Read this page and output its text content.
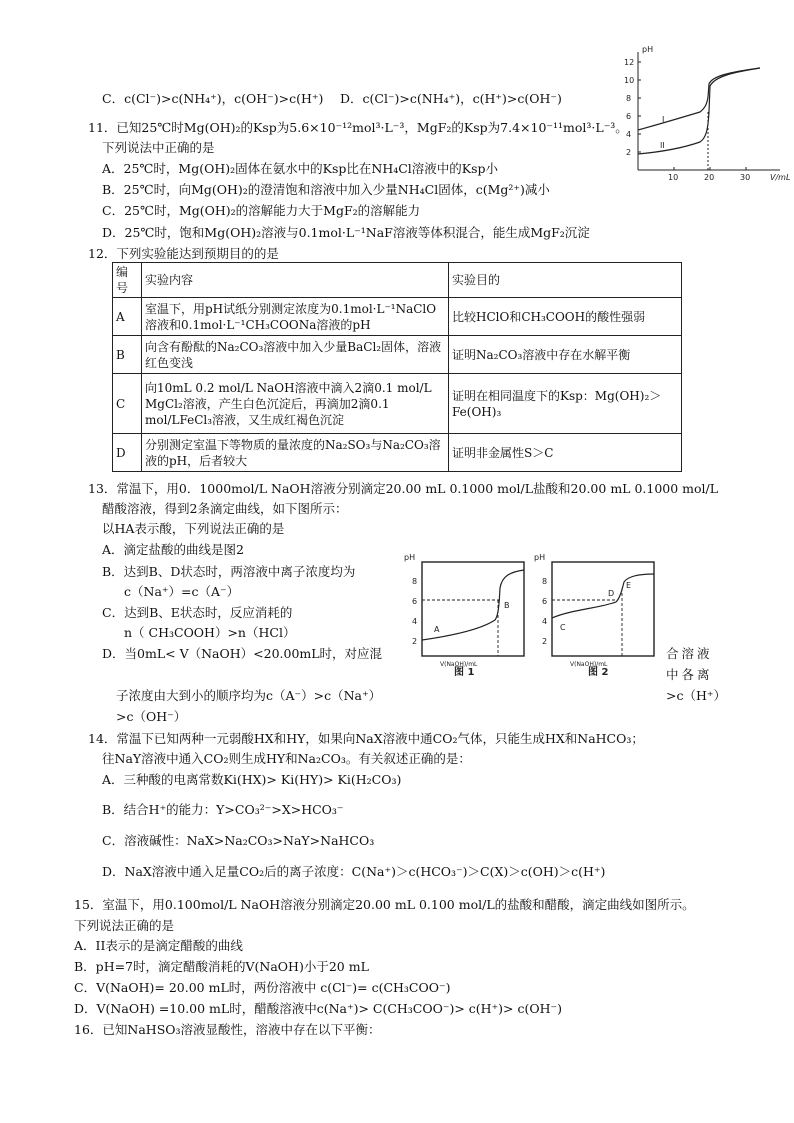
C．c(Cl⁻)>c(NH₄⁺)，c(OH⁻)>c(H⁺) D．c(Cl⁻)>c(NH₄⁺)，c(H⁺)>c(OH⁻)
pH
12
10
8
6
4
2
10	20	30 V/mL
I
II
11．已知25℃时Mg(OH)₂的Ksp为5.6×10⁻¹²mol³·L⁻³，MgF₂的Ksp为7.4×10⁻¹¹mol³·L⁻³。
下列说法中正确的是
A．25℃时，Mg(OH)₂固体在氨水中的Ksp比在NH₄Cl溶液中的Ksp小
B．25℃时，向Mg(OH)₂的澄清饱和溶液中加入少量NH₄Cl固体，c(Mg²⁺)减小
C．25℃时，Mg(OH)₂的溶解能力大于MgF₂的溶解能力
D．25℃时，饱和Mg(OH)₂溶液与0.1mol·L⁻¹NaF溶液等体积混合，能生成MgF₂沉淀
12．下列实验能达到预期目的的是
编号	实验内容	实验目的
A	室温下，用pH试纸分别测定浓度为0.1mol·L⁻¹NaClO溶液和0.1mol·L⁻¹CH₃COONa溶液的pH	比较HClO和CH₃COOH的酸性强弱
B	向含有酚酞的Na₂CO₃溶液中加入少量BaCl₂固体，溶液红色变浅	证明Na₂CO₃溶液中存在水解平衡
C	向10mL 0.2 mol/L NaOH溶液中滴入2滴0.1 mol/L MgCl₂溶液，产生白色沉淀后，再滴加2滴0.1 mol/LFeCl₃溶液，又生成红褐色沉淀	证明在相同温度下的Ksp：Mg(OH)₂＞Fe(OH)₃
D	分别测定室温下等物质的量浓度的Na₂SO₃与Na₂CO₃溶液的pH，后者较大	证明非金属性S＞C
13．常温下，用0．1000mol/L NaOH溶液分别滴定20.00 mL 0.1000 mol/L盐酸和20.00 mL 0.1000 mol/L
醋酸溶液，得到2条滴定曲线，如下图所示：
以HA表示酸，下列说法正确的是
A．滴定盐酸的曲线是图2
B．达到B、D状态时，两溶液中离子浓度均为
c（Na⁺）=c（A⁻）
C．达到B、E状态时，反应消耗的
n（ CH₃COOH）>n（HCl）
D．当0mL< V（NaOH）<20.00mL时，对应混	合溶液
中各离
子浓度由大到小的顺序均为c（A⁻）>c（Na⁺）	>c（H⁺）
>c（OH⁻）
pH
8
6
4
2
V(NaOH)/mL
A
B
图 1
pH
8
6
4
2
V(NaOH)/mL
C
D
E
图 2
14．常温下已知两种一元弱酸HX和HY，如果向NaX溶液中通CO₂气体，只能生成HX和NaHCO₃；
往NaY溶液中通入CO₂则生成HY和Na₂CO₃。有关叙述正确的是：
A．三种酸的电离常数Ki(HX)> Ki(HY)> Ki(H₂CO₃)
B．结合H⁺的能力：Y>CO₃²⁻>X>HCO₃⁻
C．溶液碱性：NaX>Na₂CO₃>NaY>NaHCO₃
D．NaX溶液中通入足量CO₂后的离子浓度：C(Na⁺)＞c(HCO₃⁻)＞C(X)＞c(OH)＞c(H⁺)
15．室温下，用0.100mol/L NaOH溶液分别滴定20.00 mL 0.100 mol/L的盐酸和醋酸，滴定曲线如图所示。
下列说法正确的是
A．II表示的是滴定醋酸的曲线
B．pH=7时，滴定醋酸消耗的V(NaOH)小于20 mL
C．V(NaOH)= 20.00 mL时，两份溶液中 c(Cl⁻)= c(CH₃COO⁻)
D．V(NaOH) =10.00 mL时，醋酸溶液中c(Na⁺)> C(CH₃COO⁻)> c(H⁺)> c(OH⁻)
16．已知NaHSO₃溶液显酸性，溶液中存在以下平衡：
